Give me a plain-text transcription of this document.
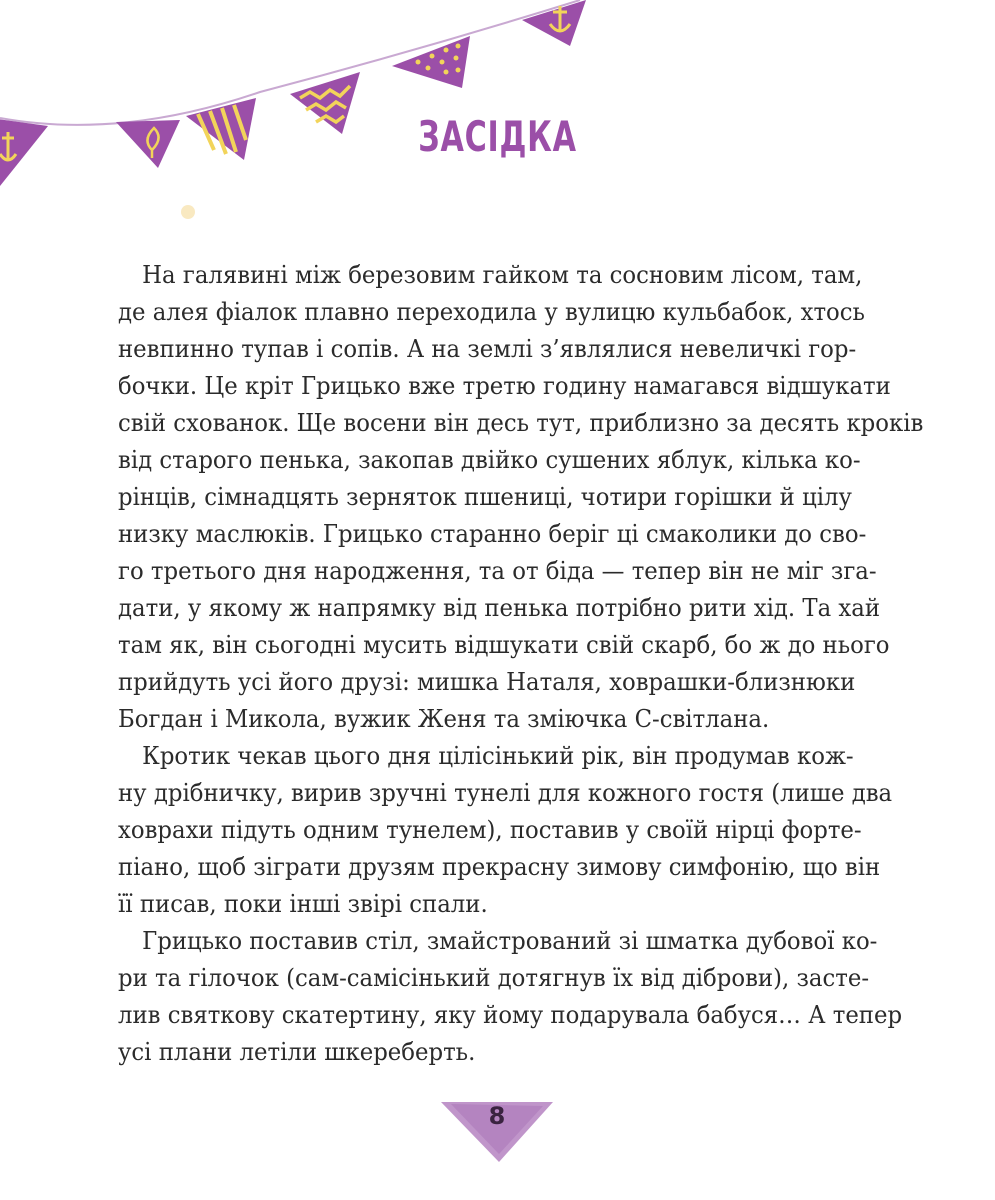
ЗАСІДКА

На галявині між березовим гайком та сосновим лісом, там,
де алея фіалок плавно переходила у вулицю кульбабок, хтось
невпинно тупав і сопів. А на землі з’являлися невеличкі гор-
бочки. Це кріт Грицько вже третю годину намагався відшукати
свій схованок. Ще восени він десь тут, приблизно за десять кроків
від старого пенька, закопав двійко сушених яблук, кілька ко-
рінців, сімнадцять зерняток пшениці, чотири горішки й цілу
низку маслюків. Грицько старанно беріг ці смаколики до сво-
го третього дня народження, та от біда — тепер він не міг зга-
дати, у якому ж напрямку від пенька потрібно рити хід. Та хай
там як, він сьогодні мусить відшукати свій скарб, бо ж до нього
прийдуть усі його друзі: мишка Наталя, ховрашки-близнюки
Богдан і Микола, вужик Женя та зміючка С-світлана.

Кротик чекав цього дня цілісінький рік, він продумав кож-
ну дрібничку, вирив зручні тунелі для кожного гостя (лише два
ховрахи підуть одним тунелем), поставив у своїй нірці форте-
піано, щоб зіграти друзям прекрасну зимову симфонію, що він
її писав, поки інші звірі спали.

Грицько поставив стіл, змайстрований зі шматка дубової ко-
ри та гілочок (сам-самісінький дотягнув їх від діброви), засте-
лив святкову скатертину, яку йому подарувала бабуся… А тепер
усі плани летіли шкереберть.

8
